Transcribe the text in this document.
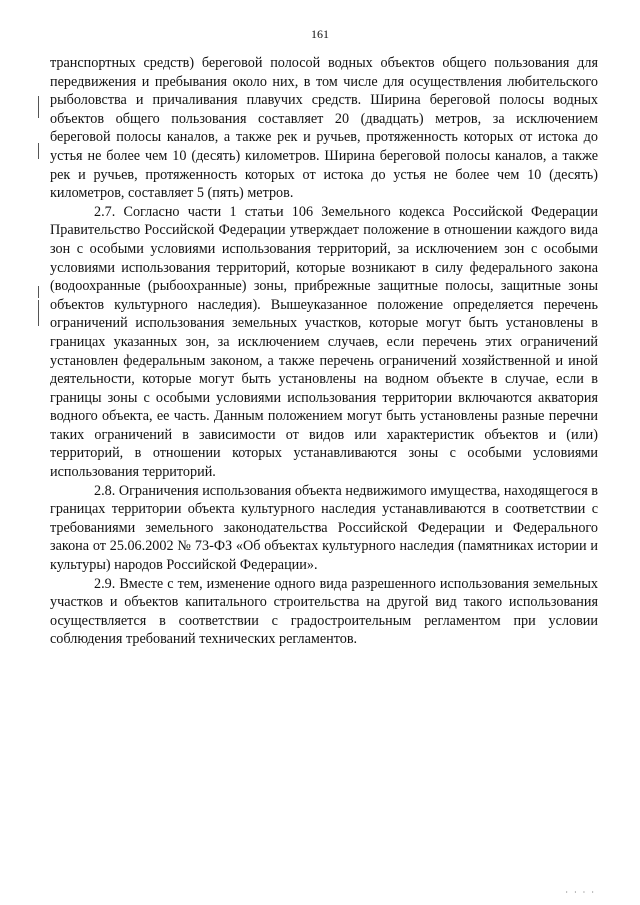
161

транспортных средств) береговой полосой водных объектов общего пользования для передвижения и пребывания около них, в том числе для осуществления любительского рыболовства и причаливания плавучих средств. Ширина береговой полосы водных объектов общего пользования составляет 20 (двадцать) метров, за исключением береговой полосы каналов, а также рек и ручьев, протяженность которых от истока до устья не более чем 10 (десять) километров. Ширина береговой полосы каналов, а также рек и ручьев, протяженность которых от истока до устья не более чем 10 (десять) километров, составляет 5 (пять) метров.

2.7. Согласно части 1 статьи 106 Земельного кодекса Российской Федерации Правительство Российской Федерации утверждает положение в отношении каждого вида зон с особыми условиями использования территорий, за исключением зон с особыми условиями использования территорий, которые возникают в силу федерального закона (водоохранные (рыбоохранные) зоны, прибрежные защитные полосы, защитные зоны объектов культурного наследия). Вышеуказанное положение определяется перечень ограничений использования земельных участков, которые могут быть установлены в границах указанных зон, за исключением случаев, если перечень этих ограничений установлен федеральным законом, а также перечень ограничений хозяйственной и иной деятельности, которые могут быть установлены на водном объекте в случае, если в границы зоны с особыми условиями использования территории включаются акватория водного объекта, ее часть. Данным положением могут быть установлены разные перечни таких ограничений в зависимости от видов или характеристик объектов и (или) территорий, в отношении которых устанавливаются зоны с особыми условиями использования территорий.

2.8. Ограничения использования объекта недвижимого имущества, находящегося в границах территории объекта культурного наследия устанавливаются в соответствии с требованиями земельного законодательства Российской Федерации и Федерального закона от 25.06.2002 № 73-ФЗ «Об объектах культурного наследия (памятниках истории и культуры) народов Российской Федерации».

2.9. Вместе с тем, изменение одного вида разрешенного использования земельных участков и объектов капитального строительства на другой вид такого использования осуществляется в соответствии с градостроительным регламентом при условии соблюдения требований технических регламентов.

· · · ·
